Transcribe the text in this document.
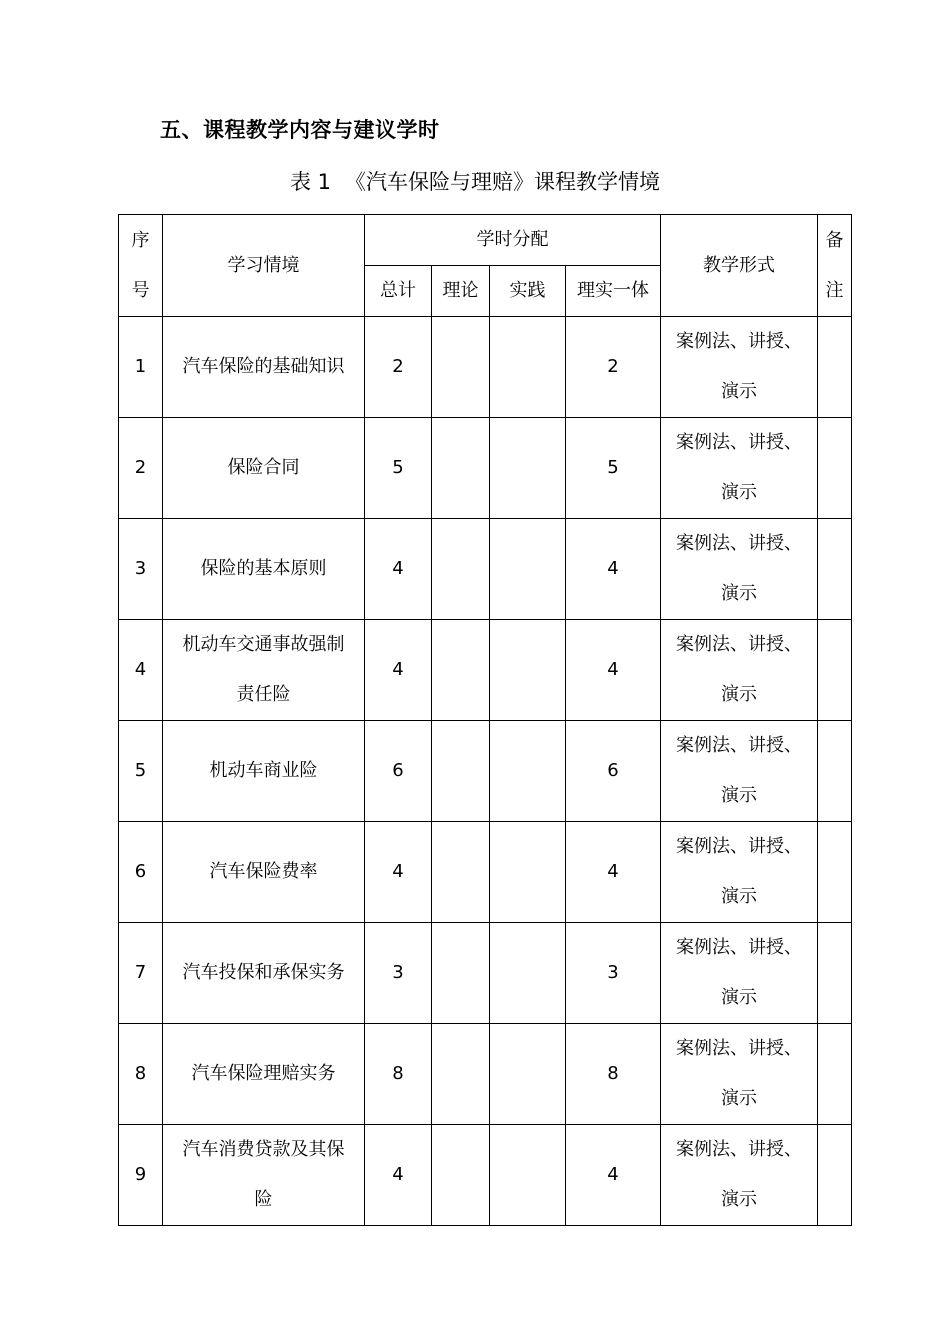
五、课程教学内容与建议学时
表 1 《汽车保险与理赔》课程教学情境
序
号	学习情境	学时分配				教学形式	备
注

		总计	理论	实践	理实一体		
1	汽车保险的基础知识	2			2	案例法、讲授、
演示	

2	保险合同	5			5	案例法、讲授、
演示	

3	保险的基本原则	4			4	案例法、讲授、
演示	

4	机动车交通事故强制
责任险	4			4	案例法、讲授、
演示	

5	机动车商业险	6			6	案例法、讲授、
演示	

6	汽车保险费率	4			4	案例法、讲授、
演示	

7	汽车投保和承保实务	3			3	案例法、讲授、
演示	

8	汽车保险理赔实务	8			8	案例法、讲授、
演示	

9	汽车消费贷款及其保
险	4			4	案例法、讲授、
演示	
